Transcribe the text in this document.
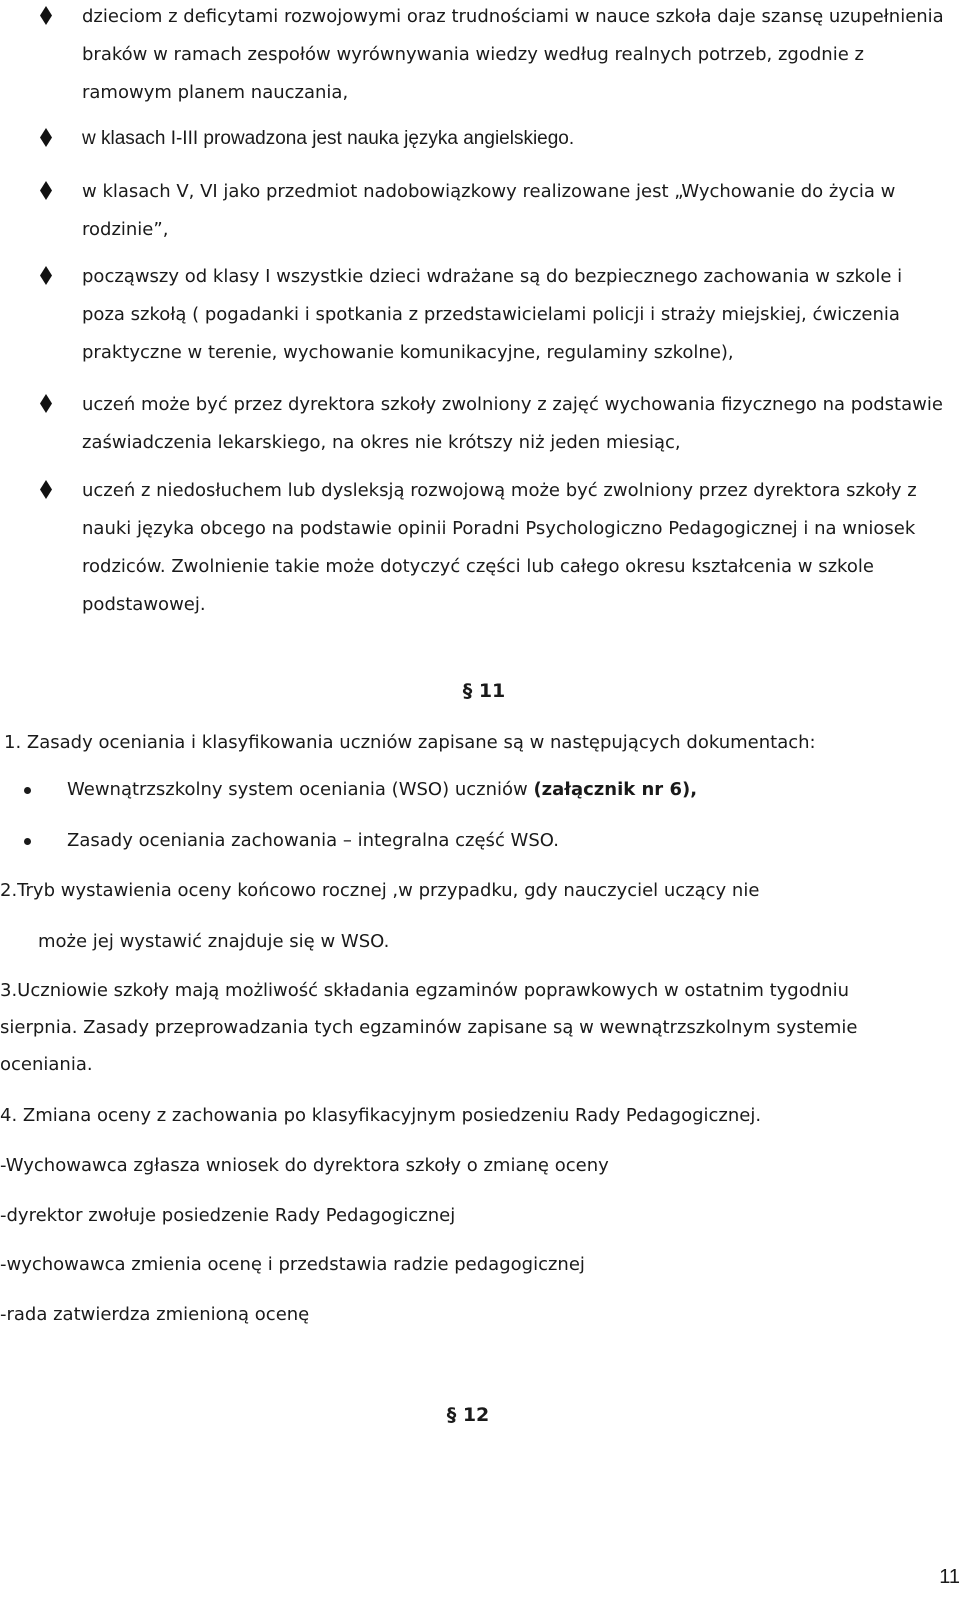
dzieciom z deficytami rozwojowymi oraz trudnościami w nauce szkoła daje szansę uzupełnienia braków w ramach zespołów wyrównywania wiedzy według realnych potrzeb, zgodnie z ramowym planem nauczania,
w klasach I-III prowadzona jest nauka języka angielskiego.
w klasach V, VI jako przedmiot nadobowiązkowy realizowane jest „Wychowanie do życia w rodzinie”,
począwszy od klasy I wszystkie dzieci wdrażane są do bezpiecznego zachowania w szkole i poza szkołą ( pogadanki i spotkania z przedstawicielami policji i straży miejskiej, ćwiczenia praktyczne w terenie, wychowanie komunikacyjne, regulaminy szkolne),
uczeń może być przez dyrektora szkoły zwolniony z zajęć wychowania fizycznego na podstawie zaświadczenia lekarskiego, na okres nie krótszy niż jeden miesiąc,
uczeń z niedosłuchem lub dysleksją rozwojową może być zwolniony przez dyrektora szkoły z nauki języka obcego na podstawie opinii Poradni Psychologiczno Pedagogicznej i na wniosek rodziców. Zwolnienie takie może dotyczyć części lub całego okresu kształcenia w szkole podstawowej.
§ 11
1. Zasady oceniania i klasyfikowania uczniów zapisane są w następujących dokumentach:
Wewnątrzszkolny system oceniania (WSO) uczniów (załącznik nr 6),
Zasady oceniania zachowania – integralna część WSO.
2.Tryb wystawienia oceny końcowo rocznej ,w przypadku, gdy nauczyciel uczący nie
może jej wystawić znajduje się w WSO.
3.Uczniowie szkoły mają możliwość składania egzaminów poprawkowych w ostatnim tygodniu sierpnia. Zasady przeprowadzania tych egzaminów zapisane są w wewnątrzszkolnym systemie oceniania.
4. Zmiana oceny z zachowania po klasyfikacyjnym posiedzeniu Rady Pedagogicznej.
-Wychowawca zgłasza wniosek do dyrektora szkoły o zmianę oceny
-dyrektor zwołuje posiedzenie Rady Pedagogicznej
-wychowawca zmienia ocenę i przedstawia radzie pedagogicznej
-rada zatwierdza zmienioną ocenę
§ 12
11
